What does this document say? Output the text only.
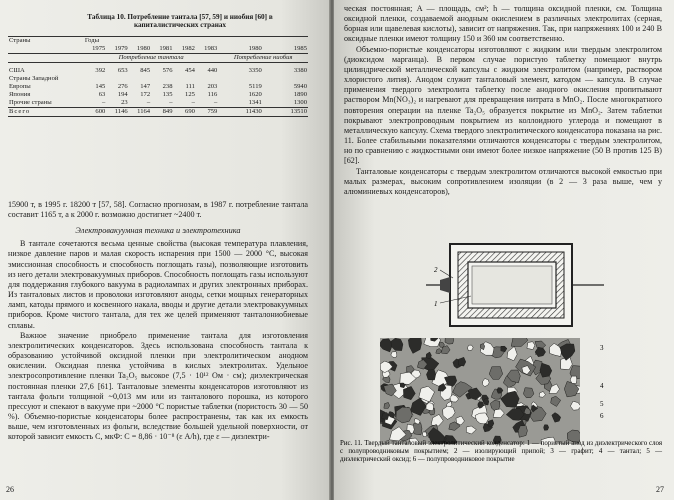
Таблица 10. Потребление тантала [57, 59] и ниобия [60] в капиталистических странах
Страны	Годы							
	1975	1979	1980	1981	1982	1983	1980	1985
	Потребление тантала						Потребление ниобия	

США	392	653	845	576	454	440	3350	3380
Страны Западной								
Европы	145	276	147	238	111	203	5119	5940
Япония	63	194	172	135	125	116	1620	1890
Прочие страны	–	23	–	–	–	–	1341	1300
Всего	600	1146	1164	849	690	759	11430	13510

15900 т, в 1995 г. 18200 т [57, 58]. Согласно прогнозам, в 1987 г. потребление тантала составит 1165 т, а к 2000 г. возможно достигнет ~2400 т.

Электровакуумная техника и электротехника

В тантале сочетаются весьма ценные свойства (высокая температура плавления, низкое давление паров и малая скорость испарения при 1500 — 2000 °С, высокая эмиссионная способность и способность поглощать газы), позволяющие изготовить из него детали электровакуумных приборов. Способность поглощать газы используют для поддержания глубокого вакуума в радиолампах и других электронных приборах. Из танталовых листов и проволоки изготовляют аноды, сетки мощных генераторных ламп, катоды прямого и косвенного накала, вводы и другие детали электровакуумных приборов. Кроме чистого тантала, для тех же целей применяют танталониобиевые сплавы.

Важное значение приобрело применение тантала для изготовления электролитических конденсаторов. Здесь использована способность тантала к образованию устойчивой оксидной пленки при электролитическом анодном окислении. Оксидная пленка устойчива в кислых электролитах. Удельное электросопротивление пленки Ta₂O₅ высокое (7,5 · 10¹² Ом · см); диэлектрическая постоянная пленки 27,6 [61]. Танталовые элементы конденсаторов изготовляют из тантала фольги толщиной ~0,013 мм или из танталового порошка, из которого прессуют и спекают в вакууме при ~2000 °С пористые таблетки (пористость 30 — 50 %). Объемно-пористые конденсаторы более распространены, так как их емкость выше, чем изготовленных из фольги, вследствие большей удельной поверхности, от которой зависит емкость C, мкФ: C = 8,86 · 10⁻⁸ (ε A/h), где ε — диэлектри-

26

ческая постоянная; A — площадь, см²; h — толщина оксидной пленки, см. Толщина оксидной пленки, создаваемой анодным окислением в различных электролитах (серная, борная или щавелевая кислоты), зависит от напряжения. Так, при напряжениях 100 и 240 В оксидные пленки имеют толщину 150 и 360 нм соответственно.

Объемно-пористые конденсаторы изготовляют с жидким или твердым электролитом (диоксидом марганца). В первом случае пористую таблетку помещают внутрь цилиндрической металлической капсулы с жидким электролитом (например, раствором хлористого лития). Анодом служит танталовый элемент, катодом — капсула. В случае применения твердого электролита таблетку после анодного окисления пропитывают раствором Mn(NO₃)₂ и нагревают для превращения нитрата в MnO₂. После многократного повторения операции на пленке Ta₂O₅ образуется покрытие из MnO₂. Затем таблетки покрывают электропроводным покрытием из коллоидного углерода и помещают в металлическую капсулу. Схема твердого электролитического конденсатора показана на рис. 11. Более стабильными показателями отличаются конденсаторы с твердым электролитом, но по сравнению с жидкостными они имеют более низкое напряжение (50 В против 125 В) [62].

Танталовые конденсаторы с твердым электролитом отличаются высокой емкостью при малых размерах, высоким сопротивлением изоляции (в 2 — 3 раза выше, чем у алюминиевых конденсаторов),

27
2
1
3
4
5
6
Рис. 11. Твердый танталовый электролитический конденсатор: 1 — пористый анод из диэлектрического слоя с полупроводниковым покрытием; 2 — изолирующий припой; 3 — графит; 4 — тантал; 5 — диэлектрический оксид; 6 — полупроводниковое покрытие
